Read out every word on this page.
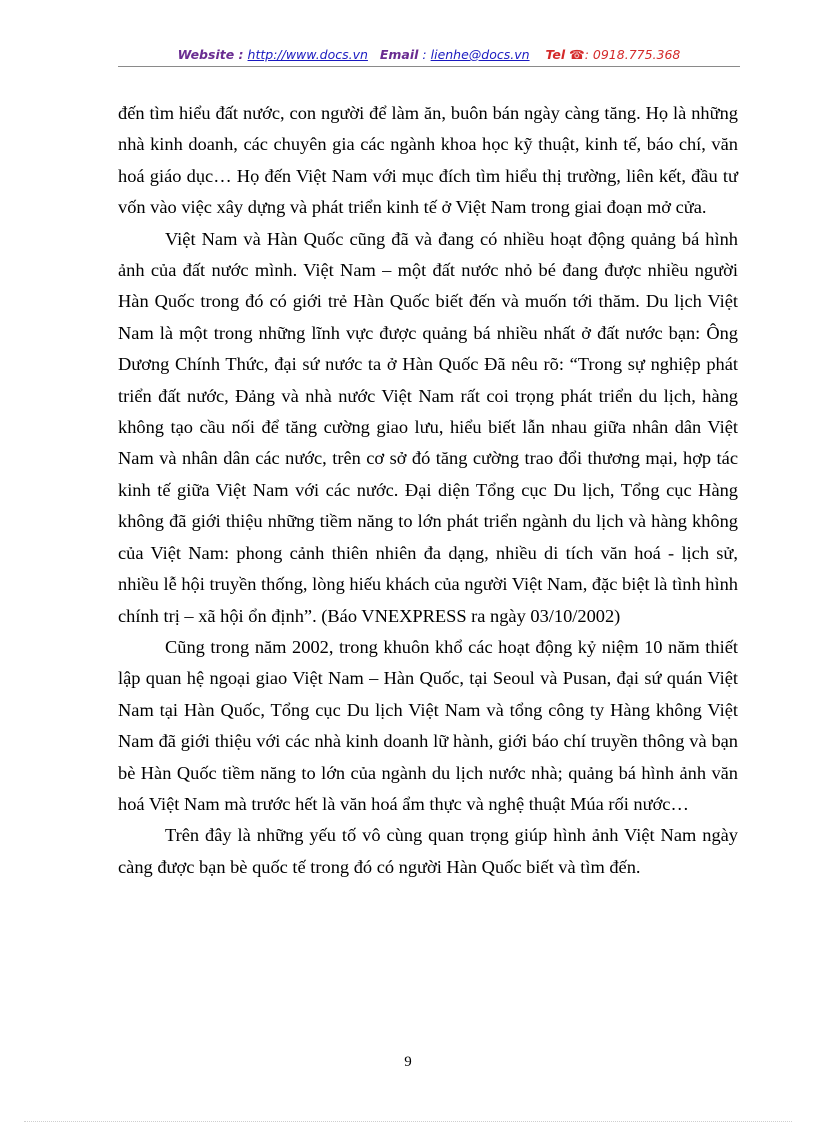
Website : http://www.docs.vn Email : lienhe@docs.vn Tel ☎: 0918.775.368

đến tìm hiểu đất nước, con người để làm ăn, buôn bán ngày càng tăng. Họ là những nhà kinh doanh, các chuyên gia các ngành khoa học kỹ thuật, kinh tế, báo chí, văn hoá giáo dục… Họ đến Việt Nam với mục đích tìm hiểu thị trường, liên kết, đầu tư vốn vào việc xây dựng và phát triển kinh tế ở Việt Nam trong giai đoạn mở cửa.

Việt Nam và Hàn Quốc cũng đã và đang có nhiều hoạt động quảng bá hình ảnh của đất nước mình. Việt Nam – một đất nước nhỏ bé đang được nhiều người Hàn Quốc trong đó có giới trẻ Hàn Quốc biết đến và muốn tới thăm. Du lịch Việt Nam là một trong những lĩnh vực được quảng bá nhiều nhất ở đất nước bạn: Ông Dương Chính Thức, đại sứ nước ta ở Hàn Quốc Đã nêu rõ: “Trong sự nghiệp phát triển đất nước, Đảng và nhà nước Việt Nam rất coi trọng phát triển du lịch, hàng không tạo cầu nối để tăng cường giao lưu, hiểu biết lẫn nhau giữa nhân dân Việt Nam và nhân dân các nước, trên cơ sở đó tăng cường trao đổi thương mại, hợp tác kinh tế giữa Việt Nam với các nước. Đại diện Tổng cục Du lịch, Tổng cục Hàng không đã giới thiệu những tiềm năng to lớn phát triển ngành du lịch và hàng không của Việt Nam: phong cảnh thiên nhiên đa dạng, nhiều di tích văn hoá - lịch sử, nhiều lễ hội truyền thống, lòng hiếu khách của người Việt Nam, đặc biệt là tình hình chính trị – xã hội ổn định”. (Báo VNEXPRESS ra ngày 03/10/2002)

Cũng trong năm 2002, trong khuôn khổ các hoạt động kỷ niệm 10 năm thiết lập quan hệ ngoại giao Việt Nam – Hàn Quốc, tại Seoul và Pusan, đại sứ quán Việt Nam tại Hàn Quốc, Tổng cục Du lịch Việt Nam và tổng công ty Hàng không Việt Nam đã giới thiệu với các nhà kinh doanh lữ hành, giới báo chí truyền thông và bạn bè Hàn Quốc tiềm năng to lớn của ngành du lịch nước nhà; quảng bá hình ảnh văn hoá Việt Nam mà trước hết là văn hoá ẩm thực và nghệ thuật Múa rối nước…

Trên đây là những yếu tố vô cùng quan trọng giúp hình ảnh Việt Nam ngày càng được bạn bè quốc tế trong đó có người Hàn Quốc biết và tìm đến.

9
